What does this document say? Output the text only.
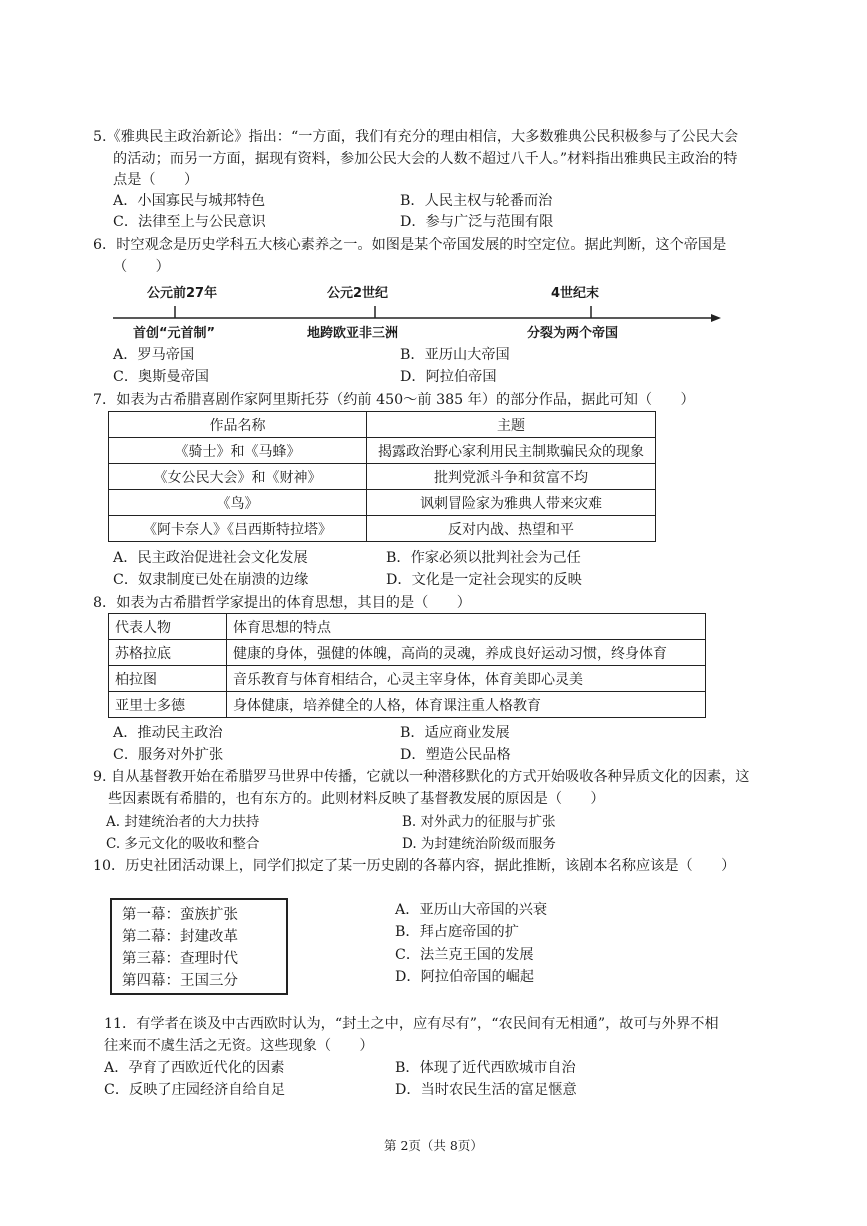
5.《雅典民主政治新论》指出：“一方面，我们有充分的理由相信，大多数雅典公民积极参与了公民大会
的活动；而另一方面，据现有资料，参加公民大会的人数不超过八千人。”材料指出雅典民主政治的特
点是（　　）
A．小国寡民与城邦特色	B．人民主权与轮番而治
C．法律至上与公民意识	D．参与广泛与范围有限
6．时空观念是历史学科五大核心素养之一。如图是某个帝国发展的时空定位。据此判断，这个帝国是
（　　）
公元前27年	公元2世纪	4世纪末
首创“元首制”	地跨欧亚非三洲	分裂为两个帝国
A．罗马帝国	B．亚历山大帝国
C．奥斯曼帝国	D．阿拉伯帝国
7．如表为古希腊喜剧作家阿里斯托芬（约前 450～前 385 年）的部分作品，据此可知（　　）
作品名称	主题
《骑士》和《马蜂》	揭露政治野心家利用民主制欺骗民众的现象
《女公民大会》和《财神》	批判党派斗争和贫富不均
《鸟》	讽刺冒险家为雅典人带来灾难
《阿卡奈人》《吕西斯特拉塔》	反对内战、热望和平
A．民主政治促进社会文化发展	B．作家必须以批判社会为己任
C．奴隶制度已处在崩溃的边缘	D．文化是一定社会现实的反映
8．如表为古希腊哲学家提出的体育思想，其目的是（　　）
代表人物	体育思想的特点
苏格拉底	健康的身体，强健的体魄，高尚的灵魂，养成良好运动习惯，终身体育
柏拉图	音乐教育与体育相结合，心灵主宰身体，体育美即心灵美
亚里士多德	身体健康，培养健全的人格，体育课注重人格教育
A．推动民主政治	B．适应商业发展
C．服务对外扩张	D．塑造公民品格
9. 自从基督教开始在希腊罗马世界中传播，它就以一种潜移默化的方式开始吸收各种异质文化的因素，这
些因素既有希腊的，也有东方的。此则材料反映了基督教发展的原因是（　　）
A. 封建统治者的大力扶持	B. 对外武力的征服与扩张
C. 多元文化的吸收和整合	D. 为封建统治阶级而服务
10．历史社团活动课上，同学们拟定了某一历史剧的各幕内容，据此推断，该剧本名称应该是（　　）
第一幕：蛮族扩张
第二幕：封建改革
第三幕：查理时代
第四幕：王国三分
A．亚历山大帝国的兴衰
B．拜占庭帝国的扩
C．法兰克王国的发展
D．阿拉伯帝国的崛起
11．有学者在谈及中古西欧时认为，“封土之中，应有尽有”，“农民间有无相通”，故可与外界不相
往来而不虞生活之无资。这些现象（　　）
A．孕育了西欧近代化的因素	B．体现了近代西欧城市自治
C．反映了庄园经济自给自足	D．当时农民生活的富足惬意
第 2页（共 8页）
